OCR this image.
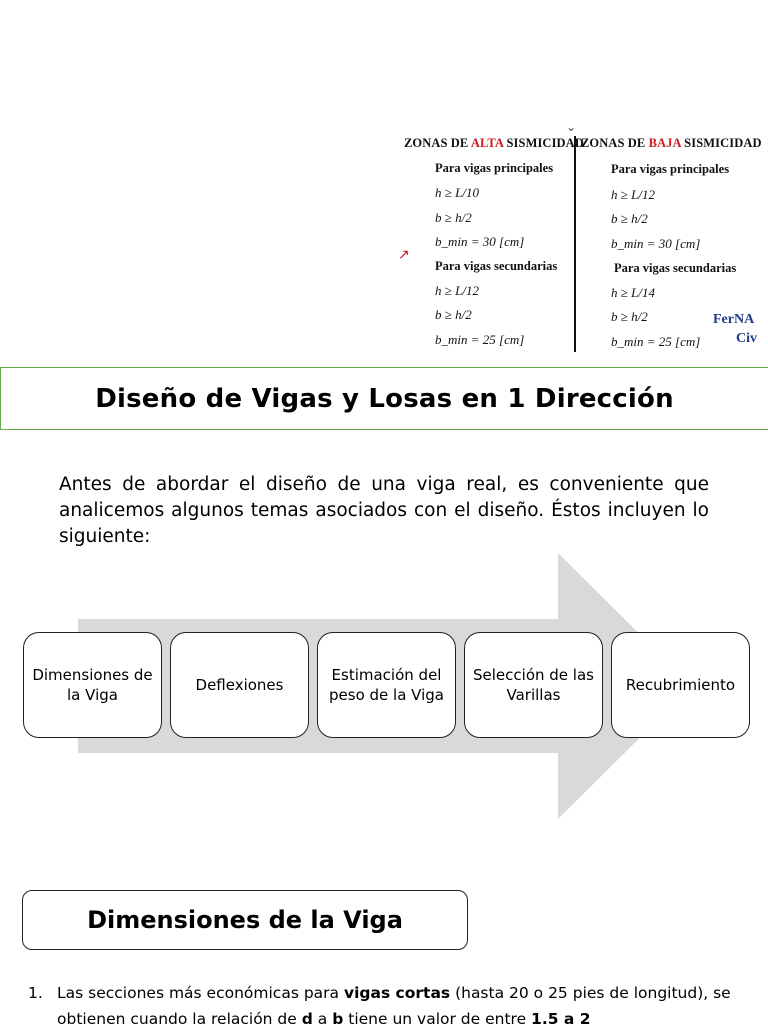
⌄
↗
ZONAS DE ALTA SISMICIDAD
Para vigas principales
h ≥ L/10
b ≥ h/2
b_min = 30 [cm]
Para vigas secundarias
h ≥ L/12
b ≥ h/2
b_min = 25 [cm]
ZONAS DE BAJA SISMICIDAD
Para vigas principales
h ≥ L/12
b ≥ h/2
b_min = 30 [cm]
Para vigas secundarias
h ≥ L/14
b ≥ h/2
b_min = 25 [cm]
FerNA
Civ
Diseño de Vigas y Losas en 1 Dirección

Antes de abordar el diseño de una viga real, es conveniente que analicemos algunos temas asociados con el diseño. Éstos incluyen lo siguiente:

Dimensiones de la Viga
Deflexiones
Estimación del peso de la Viga
Selección de las Varillas
Recubrimiento
Dimensiones de la Viga
1. Las secciones más económicas para vigas cortas (hasta 20 o 25 pies de longitud), se
obtienen cuando la relación de d a b tiene un valor de entre 1.5 a 2
